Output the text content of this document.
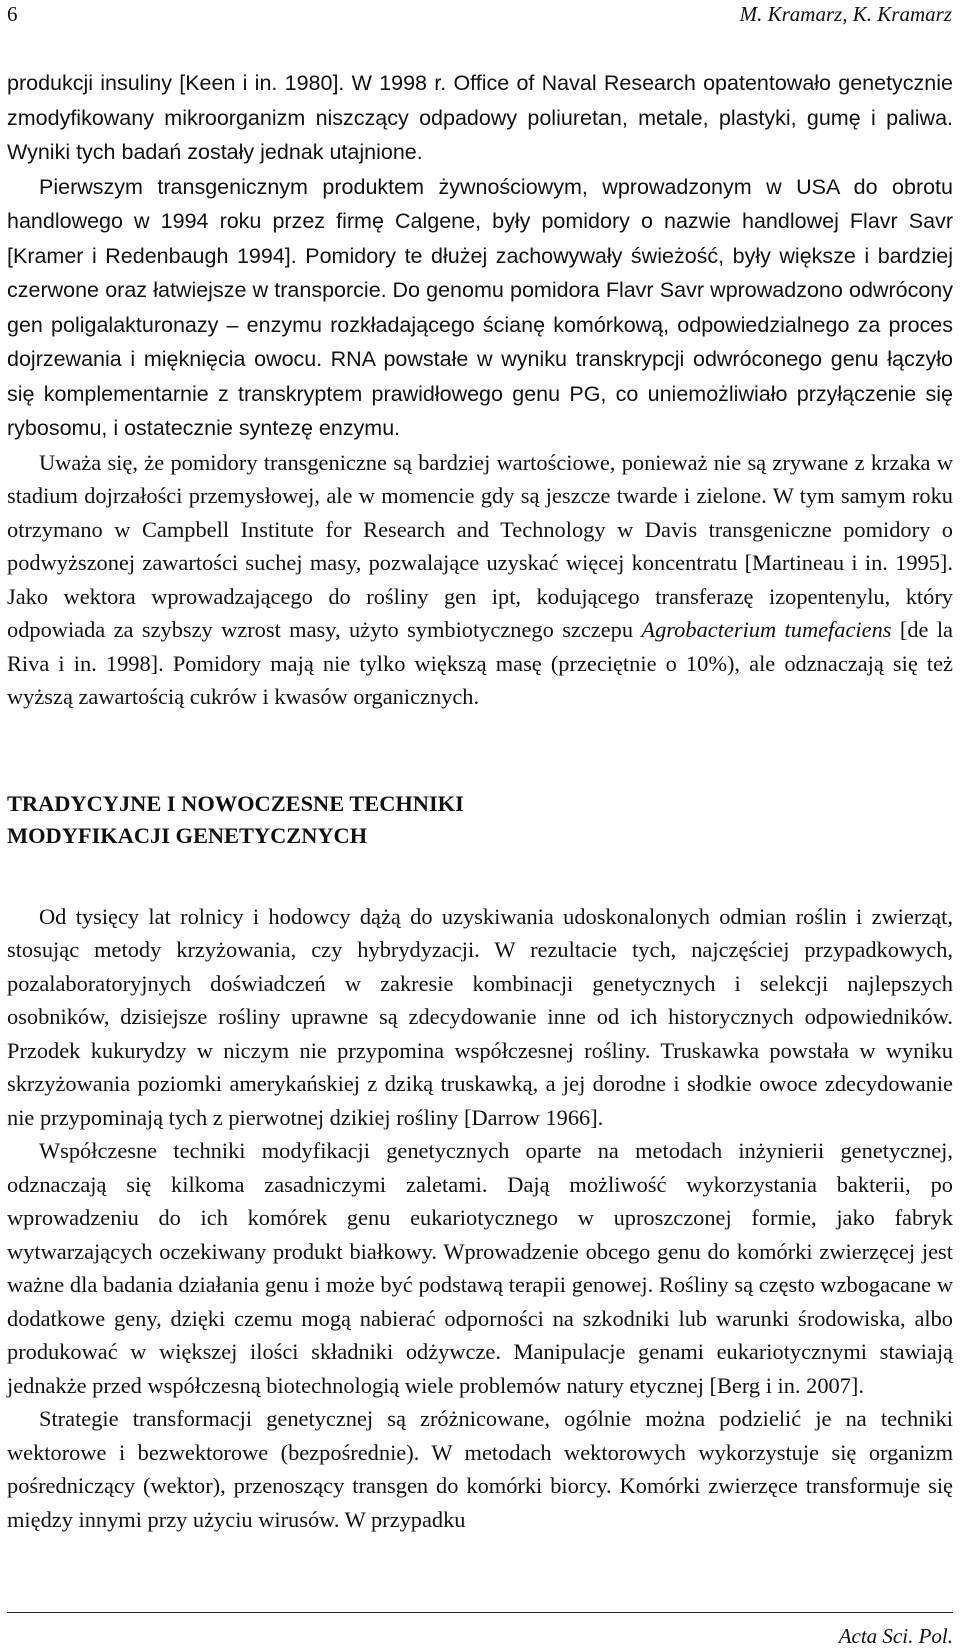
6	M. Kramarz, K. Kramarz

produkcji insuliny [Keen i in. 1980]. W 1998 r. Office of Naval Research opatentowało genetycznie zmodyfikowany mikroorganizm niszczący odpadowy poliuretan, metale, plastyki, gumę i paliwa. Wyniki tych badań zostały jednak utajnione.
Pierwszym transgenicznym produktem żywnościowym, wprowadzonym w USA do obrotu handlowego w 1994 roku przez firmę Calgene, były pomidory o nazwie handlowej Flavr Savr [Kramer i Redenbaugh 1994]. Pomidory te dłużej zachowywały świeżość, były większe i bardziej czerwone oraz łatwiejsze w transporcie. Do genomu pomidora Flavr Savr wprowadzono odwrócony gen poligalakturonazy – enzymu rozkładającego ścianę komórkową, odpowiedzialnego za proces dojrzewania i mięknięcia owocu. RNA powstałe w wyniku transkrypcji odwróconego genu łączyło się komplementarnie z transkryptem prawidłowego genu PG, co uniemożliwiało przyłączenie się rybosomu, i ostatecznie syntezę enzymu.

Uważa się, że pomidory transgeniczne są bardziej wartościowe, ponieważ nie są zrywane z krzaka w stadium dojrzałości przemysłowej, ale w momencie gdy są jeszcze twarde i zielone. W tym samym roku otrzymano w Campbell Institute for Research and Technology w Davis transgeniczne pomidory o podwyższonej zawartości suchej masy, pozwalające uzyskać więcej koncentratu [Martineau i in. 1995]. Jako wektora wprowadzającego do rośliny gen ipt, kodującego transferazę izopentenylu, który odpowiada za szybszy wzrost masy, użyto symbiotycznego szczepu Agrobacterium tumefaciens [de la Riva i in. 1998]. Pomidory mają nie tylko większą masę (przeciętnie o 10%), ale odznaczają się też wyższą zawartością cukrów i kwasów organicznych.

TRADYCYJNE I NOWOCZESNE TECHNIKI
MODYFIKACJI GENETYCZNYCH

Od tysięcy lat rolnicy i hodowcy dążą do uzyskiwania udoskonalonych odmian roślin i zwierząt, stosując metody krzyżowania, czy hybrydyzacji. W rezultacie tych, najczęściej przypadkowych, pozalaboratoryjnych doświadczeń w zakresie kombinacji genetycznych i selekcji najlepszych osobników, dzisiejsze rośliny uprawne są zdecydowanie inne od ich historycznych odpowiedników. Przodek kukurydzy w niczym nie przypomina współczesnej rośliny. Truskawka powstała w wyniku skrzyżowania poziomki amerykańskiej z dziką truskawką, a jej dorodne i słodkie owoce zdecydowanie nie przypominają tych z pierwotnej dzikiej rośliny [Darrow 1966].

Współczesne techniki modyfikacji genetycznych oparte na metodach inżynierii genetycznej, odznaczają się kilkoma zasadniczymi zaletami. Dają możliwość wykorzystania bakterii, po wprowadzeniu do ich komórek genu eukariotycznego w uproszczonej formie, jako fabryk wytwarzających oczekiwany produkt białkowy. Wprowadzenie obcego genu do komórki zwierzęcej jest ważne dla badania działania genu i może być podstawą terapii genowej. Rośliny są często wzbogacane w dodatkowe geny, dzięki czemu mogą nabierać odporności na szkodniki lub warunki środowiska, albo produkować w większej ilości składniki odżywcze. Manipulacje genami eukariotycznymi stawiają jednakże przed współczesną biotechnologią wiele problemów natury etycznej [Berg i in. 2007].

Strategie transformacji genetycznej są zróżnicowane, ogólnie można podzielić je na techniki wektorowe i bezwektorowe (bezpośrednie). W metodach wektorowych wykorzystuje się organizm pośredniczący (wektor), przenoszący transgen do komórki biorcy. Komórki zwierzęce transformuje się między innymi przy użyciu wirusów. W przypadku

Acta Sci. Pol.
